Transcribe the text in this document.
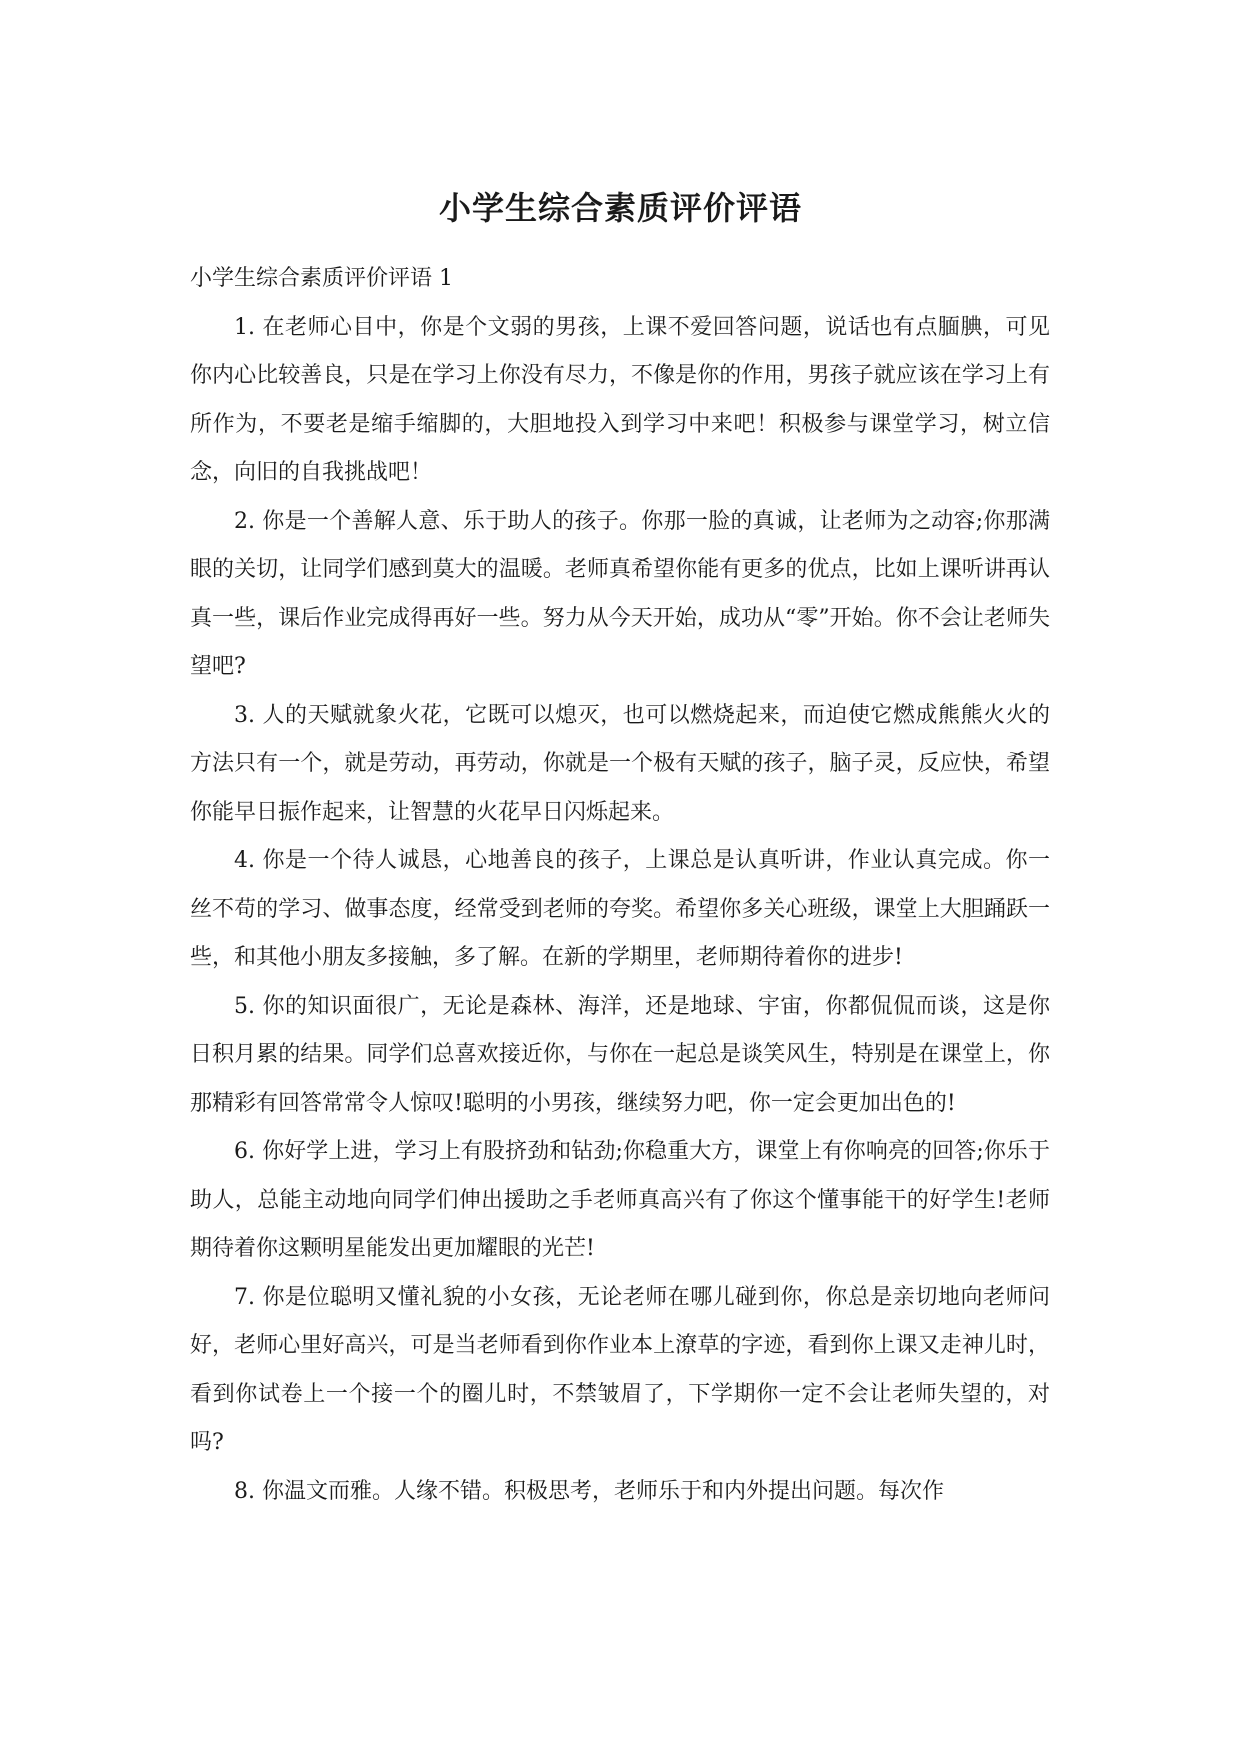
小学生综合素质评价评语

小学生综合素质评价评语 1

1. 在老师心目中，你是个文弱的男孩，上课不爱回答问题，说话也有点腼腆，可见你内心比较善良，只是在学习上你没有尽力，不像是你的作用，男孩子就应该在学习上有所作为，不要老是缩手缩脚的，大胆地投入到学习中来吧！积极参与课堂学习，树立信念，向旧的自我挑战吧！

2. 你是一个善解人意、乐于助人的孩子。你那一脸的真诚，让老师为之动容;你那满眼的关切，让同学们感到莫大的温暖。老师真希望你能有更多的优点，比如上课听讲再认真一些，课后作业完成得再好一些。努力从今天开始，成功从“零”开始。你不会让老师失望吧?

3. 人的天赋就象火花，它既可以熄灭，也可以燃烧起来，而迫使它燃成熊熊火火的方法只有一个，就是劳动，再劳动，你就是一个极有天赋的孩子，脑子灵，反应快，希望你能早日振作起来，让智慧的火花早日闪烁起来。

4. 你是一个待人诚恳，心地善良的孩子，上课总是认真听讲，作业认真完成。你一丝不苟的学习、做事态度，经常受到老师的夸奖。希望你多关心班级，课堂上大胆踊跃一些，和其他小朋友多接触，多了解。在新的学期里，老师期待着你的进步!

5. 你的知识面很广，无论是森林、海洋，还是地球、宇宙，你都侃侃而谈，这是你日积月累的结果。同学们总喜欢接近你，与你在一起总是谈笑风生，特别是在课堂上，你那精彩有回答常常令人惊叹!聪明的小男孩，继续努力吧，你一定会更加出色的!

6. 你好学上进，学习上有股挤劲和钻劲;你稳重大方，课堂上有你响亮的回答;你乐于助人，总能主动地向同学们伸出援助之手老师真高兴有了你这个懂事能干的好学生!老师期待着你这颗明星能发出更加耀眼的光芒!

7. 你是位聪明又懂礼貌的小女孩，无论老师在哪儿碰到你，你总是亲切地向老师问好，老师心里好高兴，可是当老师看到你作业本上潦草的字迹，看到你上课又走神儿时，看到你试卷上一个接一个的圈儿时，不禁皱眉了，下学期你一定不会让老师失望的，对吗?

8. 你温文而雅。人缘不错。积极思考，老师乐于和内外提出问题。每次作
